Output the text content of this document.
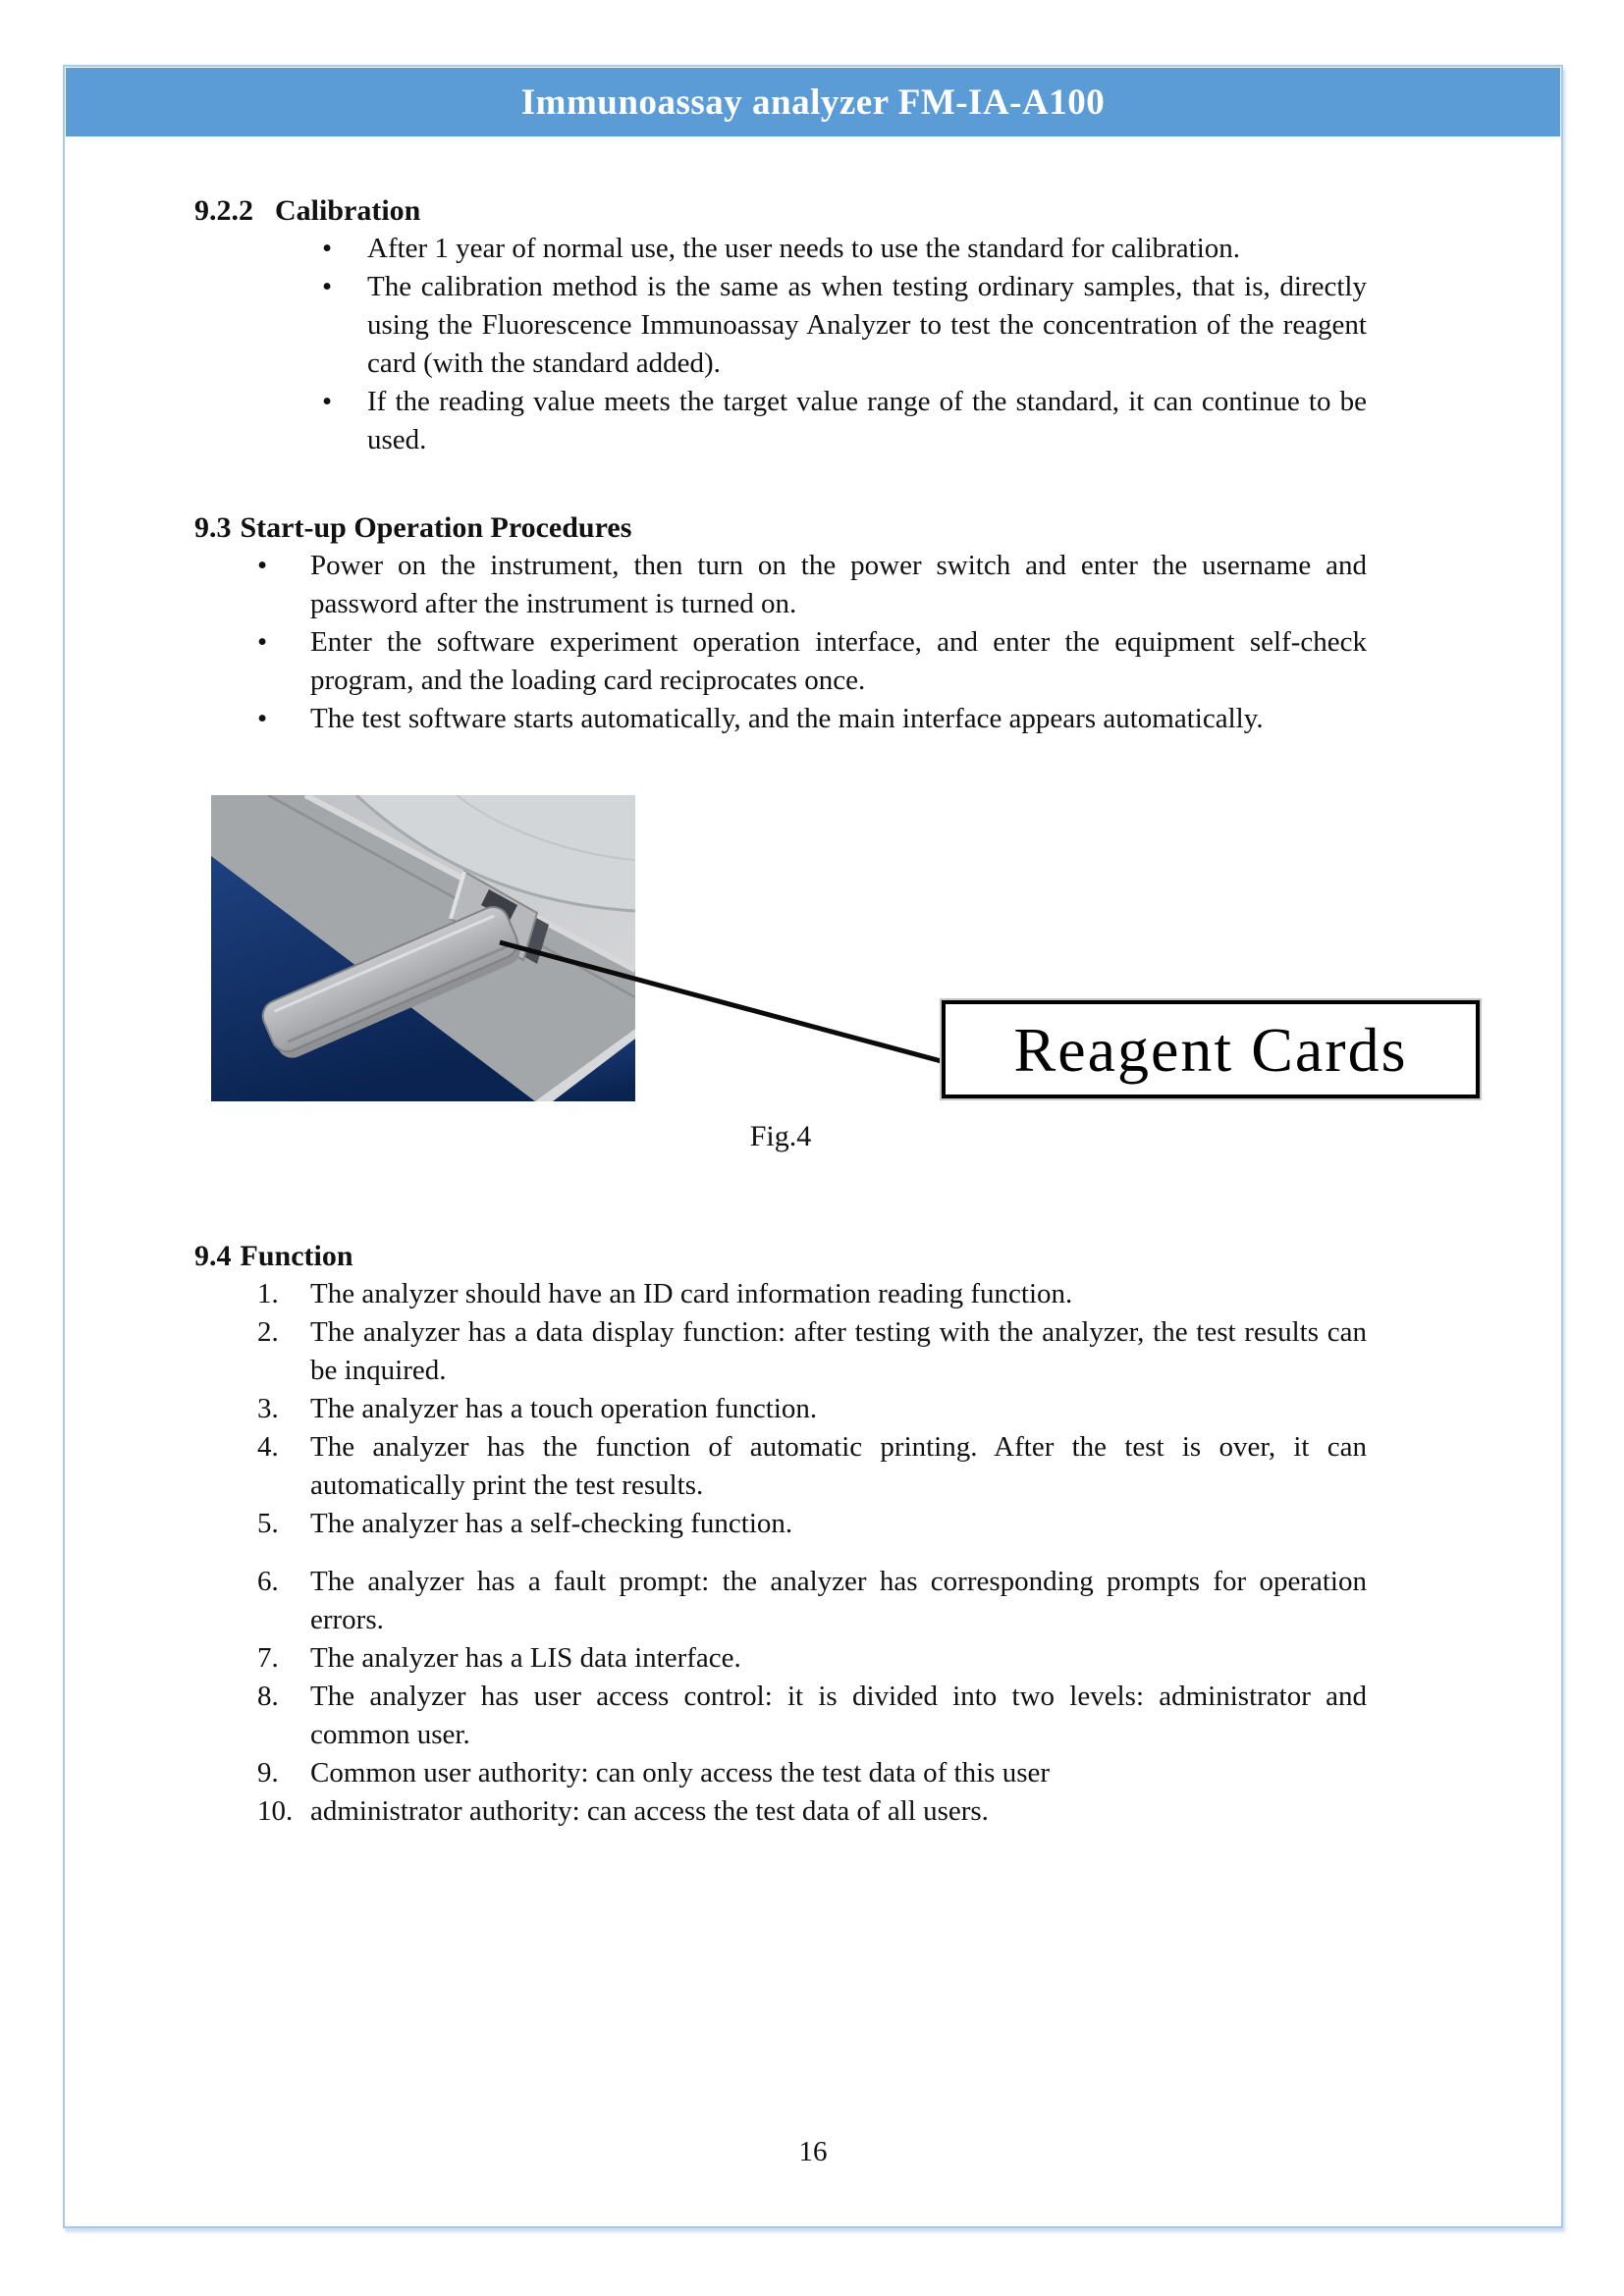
Immunoassay analyzer FM-IA-A100
9.2.2 Calibration
• After 1 year of normal use, the user needs to use the standard for calibration.
• The calibration method is the same as when testing ordinary samples, that is, directly using the Fluorescence Immunoassay Analyzer to test the concentration of the reagent card (with the standard added).
• If the reading value meets the target value range of the standard, it can continue to be used.
9.3 Start-up Operation Procedures
• Power on the instrument, then turn on the power switch and enter the username and password after the instrument is turned on.
• Enter the software experiment operation interface, and enter the equipment self-check program, and the loading card reciprocates once.
• The test software starts automatically, and the main interface appears automatically.
Reagent Cards
Fig.4
9.4 Function
1.	The analyzer should have an ID card information reading function.
2.	The analyzer has a data display function: after testing with the analyzer, the test results can be inquired.
3.	The analyzer has a touch operation function.
4.	The analyzer has the function of automatic printing. After the test is over, it can automatically print the test results.
5.	The analyzer has a self-checking function.
6.	The analyzer has a fault prompt: the analyzer has corresponding prompts for operation errors.
7.	The analyzer has a LIS data interface.
8.	The analyzer has user access control: it is divided into two levels: administrator and common user.
9.	Common user authority: can only access the test data of this user
10. administrator authority: can access the test data of all users.
16
